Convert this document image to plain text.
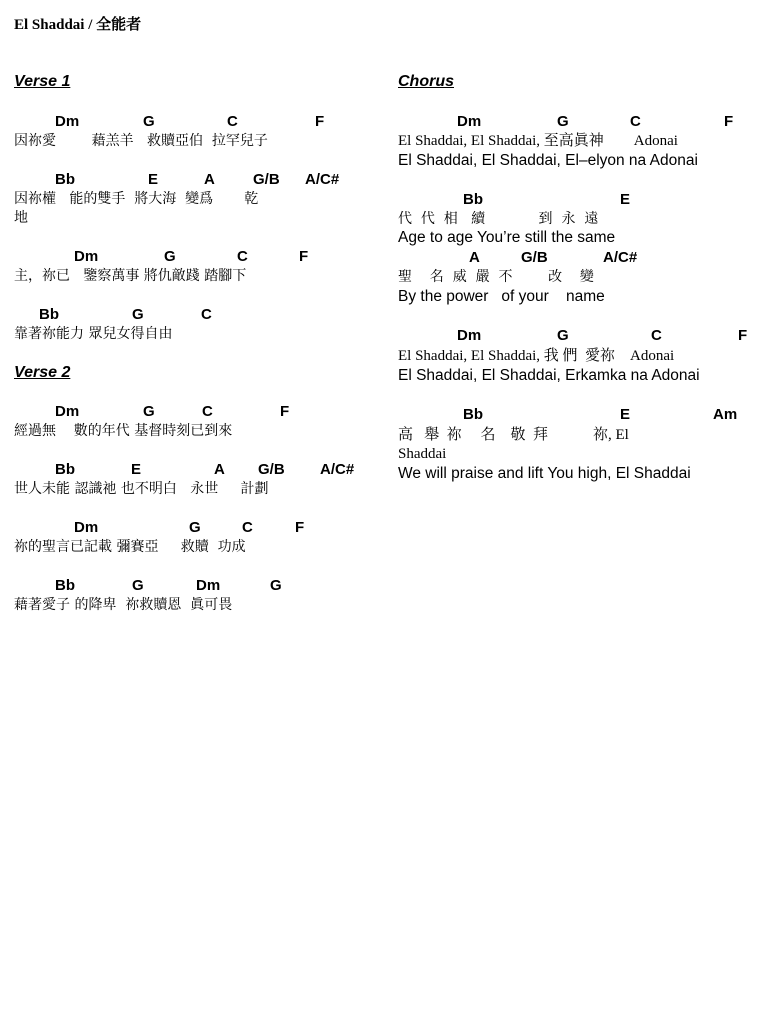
El Shaddai / 全能者
Verse 1
Dm	G	C	F
因祢愛        藉羔羊   救贖亞伯  拉罕兒子
Bb	E	A	G/B A/C#
因祢權   能的雙手  將大海  變爲       乾
地
Dm	G	C	F
主，祢已   鑒察萬事 將仇敵踐 踏腳下
Bb	G	C
靠著祢能力 眾兒女得自由
Verse 2
Dm	G	C	F
經過無    數的年代 基督時刻已到來
Bb	E	A G/B A/C#
世人未能 認識祂 也不明白   永世     計劃
Dm	G	C	F
祢的聖言已記載 彌賽亞     救贖  功成
Bb	G	Dm	G
藉著愛子 的降卑  祢救贖恩  眞可畏
Chorus
Dm	G	C	F
El Shaddai, El Shaddai, 至高眞神        Adonai
El Shaddai, El Shaddai, El–elyon na Adonai
Bb	E
代  代  相   續            到  永  遠
Age to age You’re still the same
A	G/B	A/C#
聖    名  威  嚴  不        改    變
By the power   of your    name
Dm	G	C	F
El Shaddai, El Shaddai, 我 們  愛祢    Adonai
El Shaddai, El Shaddai, Erkamka na Adonai
Bb	E	Am
高   舉  祢     名    敬  拜            祢, El
Shaddai
We will praise and lift You high, El Shaddai
